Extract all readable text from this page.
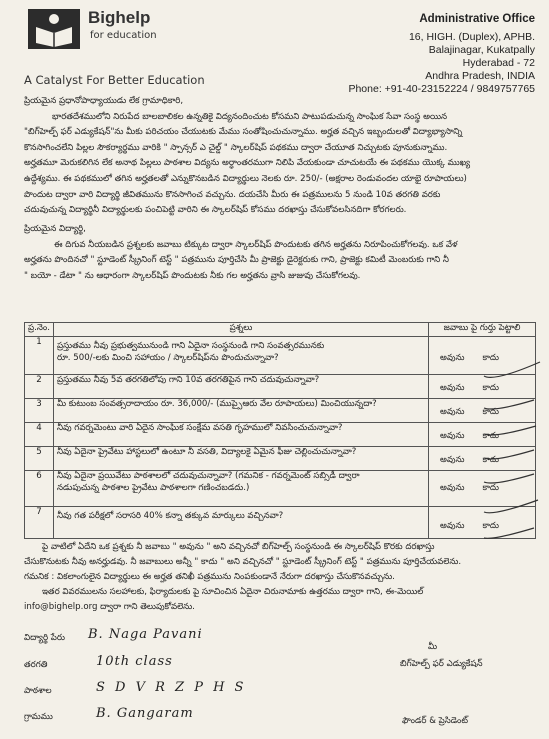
Bighelp
for education
A Catalyst For Better Education
Administrative Office
16, HIGH. (Duplex), APHB.
Balajinagar, Kukatpally
Hyderabad - 72
Andhra Pradesh, INDIA
Phone: +91-40-23152224 / 9849757765
ప్రియమైన ప్రధానోపాధ్యాయుడు లేక గ్రామాధికారి,
భారతదేశములోని నిరుపేద బాలబాలికల ఉన్నతికై విద్యనందించుట కోసమని పాటుపడుచున్న సాంఘిక సేవా సంస్థ అయిన
"బిగ్‌హెల్ప్ ఫర్ ఎడ్యుకేషన్‌"ను మీకు పరిచయం చేయుటకు మేము సంతోషించుచున్నాము. అర్హత వచ్చిన ఇబ్బందులతో విద్యాభ్యాసాన్ని
కొనసాగించలేని పిల్లల సౌకర్యార్థము వారికి " స్పాన్సర్ ఎ చైల్డ్ " స్కాలర్‌షిప్ పథకము ద్వారా చేయూత నిచ్చుటకు పూనుకున్నాము.
అర్హతమూ మెరుకలిగిన లేక అనాథ పిల్లలు పాఠశాల విద్యను అర్ధాంతరముగా నిలిపి వేయకుండా చూచుటయే ఈ పథకము యొక్క ముఖ్య
ఉద్దేశ్యము. ఈ పథకములో తగిన అర్హతలతో ఎన్నుకొనబడిన విద్యార్థులు నెలకు రూ. 250/- (అక్షరాల రెండువందల యాభై రూపాయలు)
పొందుట ద్వారా వారి విద్యార్థి జీవితమును కొనసాగించ వచ్చును. దయచేసి మీరు ఈ పత్రములను 5 నుండి 10వ తరగతి వరకు
చదువుచున్న విద్యార్థినీ విద్యార్థులకు పంచిపెట్టి వారిని ఈ స్కాలర్‌షిప్ కోసము దరఖాస్తు చేసుకోవలసినదిగా కోరగలరు.
ప్రియమైన విద్యార్థి,
ఈ దిగువ నీయబడిన ప్రశ్నలకు జవాబు టిక్కుట ద్వారా స్కాలర్‌షిప్ పొందుటకు తగిన అర్హతను నిరూపించుకోగలవు. ఒక వేళ
అర్హతను పొందినచో " స్టూడెంట్ స్క్రీనింగ్ టెస్ట్ " పత్రమును పూర్తిచేసి మీ ప్రాజెక్టు డైరెక్టరుకు గాని, ప్రాజెక్టు కమిటీ మెంబరుకు గాని నీ
" బయో - డేటా " ను ఆధారంగా స్కాలర్‌షిప్ పొందుటకు నీకు గల అర్హతను వ్రాసి జుజువు చేసుకోగలవు.
ప్ర.నెం.	ప్రశ్నలు	జవాబు పై గుర్తు పెట్టాలి
1	ప్రస్తుతము నీవు ప్రభుత్వమునుండి గాని ఏదైనా సంస్థనుండి గాని సంవత్సరమునకు
రూ. 500/-లకు మించి సహాయం / స్కాలర్‌షిప్‌ను పొందుచున్నావా?	అవును కాదు
2	ప్రస్తుతము నీవు 5వ తరగతిలోపు గాని 10వ తరగతిపైన గాని చదువుచున్నావా?	అవును కాదు
3	మీ కుటుంబ సంవత్సరాదాయం రూ. 36,000/- (ముప్పైఆరు వేల రూపాయలు) మించియున్నదా?	అవును కాదు
4	నీవు గవర్నమెంటు వారి ఏదైన సాంఘిక సంక్షేమ వసతి గృహములో నివసించుచున్నావా?	అవును కాదు
5	నీవు ఏదైనా ప్రైవేటు హాస్టలులో ఉంటూ నీ వసతి, విద్యాలకై ఏమైన ఫీజు చెల్లించుచున్నావా?	అవును కాదు
6	నీవు ఏదైనా ప్రయివేటు పాఠశాలలో చదువుచున్నావా? (గమనిక - గవర్నమెంట్ సబ్సిడీ ద్వారా
నడుపుచున్న పాఠశాల ప్రైవేటు పాఠశాలగా గణించబడదు.)	అవును కాదు
7	నీవు గత పరీక్షలో సరాసరి 40% కన్నా తక్కువ మార్కులు వచ్చినవా?	అవును కాదు
పై వాటిలో ఏదేని ఒక ప్రశ్నకు నీ జవాబు " అవును " అని వచ్చినచో బిగ్‌హెల్ప్ సంస్థనుండి ఈ స్కాలర్‌షిప్ కొరకు దరఖాస్తు
చేసుకొనుటకు నీవు అనర్హుడవు. నీ జవాబులు అన్నీ " కాదు " అని వచ్చినచో " స్టూడెంట్ స్క్రీనింగ్ టెస్ట్ " పత్రమును పూర్తిచేయవలెను.
గమనిక : వికలాంగులైన విద్యార్థులు ఈ అర్హత తనిఖీ పత్రమును నింపకుండానే నేరుగా దరఖాస్తు చేసుకొనవచ్చును.
ఇతర వివరములను సలహాలకు, ఫిర్యాదులకు పై సూచించిన ఏదైనా చిరునామాకు ఉత్తరము ద్వారా గాని, ఈ-మెయిల్
info@bighelp.org ద్వారా గాని తెలుపుకోవలెను.
విద్యార్థి పేరు B. Naga Pavani
తరగతి	10th class
పాఠశాల	S D V R Z P H S
గ్రామము	B. Gangaram
మీ
బిగ్‌హెల్ప్ ఫర్ ఎడ్యుకేషన్
ఫౌండర్ & ప్రెసిడెంట్
